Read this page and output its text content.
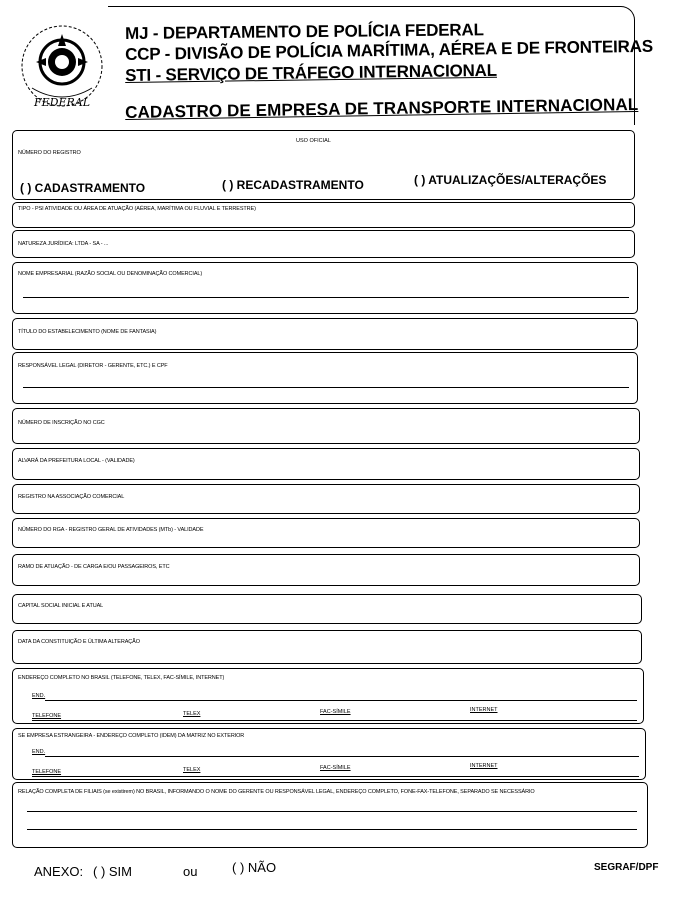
FEDERAL
MJ - DEPARTAMENTO DE POLÍCIA FEDERAL
CCP - DIVISÃO DE POLÍCIA MARÍTIMA, AÉREA E DE FRONTEIRAS
STI - SERVIÇO DE TRÁFEGO INTERNACIONAL
CADASTRO DE EMPRESA DE TRANSPORTE INTERNACIONAL
NÚMERO DO REGISTRO
USO OFICIAL
( ) CADASTRAMENTO	( ) RECADASTRAMENTO	( ) ATUALIZAÇÕES/ALTERAÇÕES
TIPO - PSI ATIVIDADE OU ÁREA DE ATUAÇÃO (AÉREA, MARÍTIMA OU FLUVIAL E TERRESTRE)
NATUREZA JURÍDICA: LTDA - SA - ...
NOME EMPRESARIAL (RAZÃO SOCIAL OU DENOMINAÇÃO COMERCIAL)
TÍTULO DO ESTABELECIMENTO (NOME DE FANTASIA)
RESPONSÁVEL LEGAL (DIRETOR - GERENTE, ETC.) E CPF
NÚMERO DE INSCRIÇÃO NO CGC
ALVARÁ DA PREFEITURA LOCAL - (VALIDADE)
REGISTRO NA ASSOCIAÇÃO COMERCIAL
NÚMERO DO RGA - REGISTRO GERAL DE ATIVIDADES (MTb) - VALIDADE
RAMO DE ATUAÇÃO - DE CARGA E/OU PASSAGEIROS, ETC
CAPITAL SOCIAL INICIAL E ATUAL
DATA DA CONSTITUIÇÃO E ÚLTIMA ALTERAÇÃO
ENDEREÇO COMPLETO NO BRASIL (TELEFONE, TELEX, FAC-SÍMILE, INTERNET)
END.
TELEFONE	TELEX	FAC-SÍMILE	INTERNET
SE EMPRESA ESTRANGEIRA - ENDEREÇO COMPLETO (IDEM) DA MATRIZ NO EXTERIOR
END.
TELEFONE	TELEX	FAC-SÍMILE	INTERNET
RELAÇÃO COMPLETA DE FILIAIS (se existirem) NO BRASIL, INFORMANDO O NOME DO GERENTE OU RESPONSÁVEL LEGAL, ENDEREÇO COMPLETO, FONE-FAX-TELEFONE, SEPARADO SE NECESSÁRIO
ANEXO: ( ) SIM	ou	( ) NÃO	SEGRAF/DPF
